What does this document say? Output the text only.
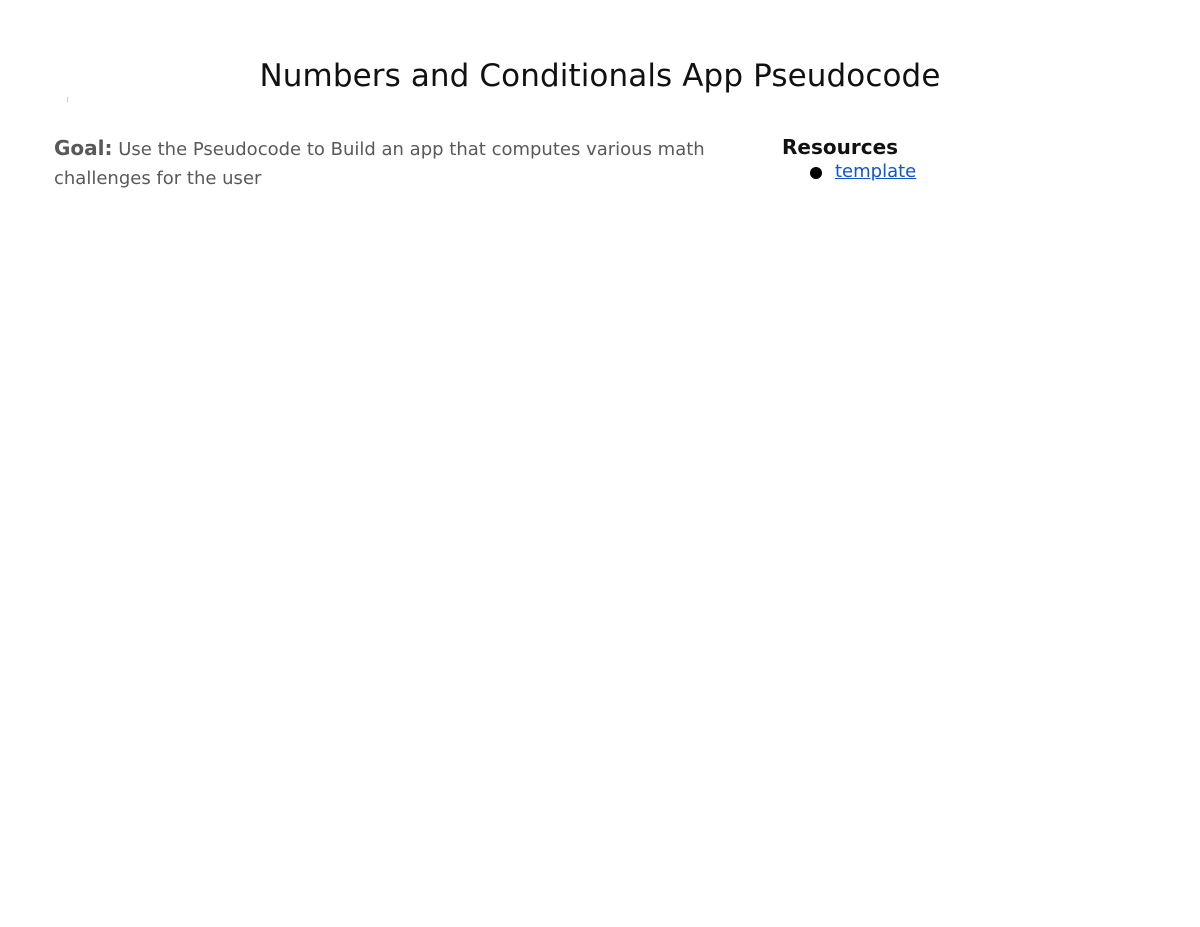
Numbers and Conditionals App Pseudocode
Goal: Use the Pseudocode to Build an app that computes various math challenges for the user
Resources
template
